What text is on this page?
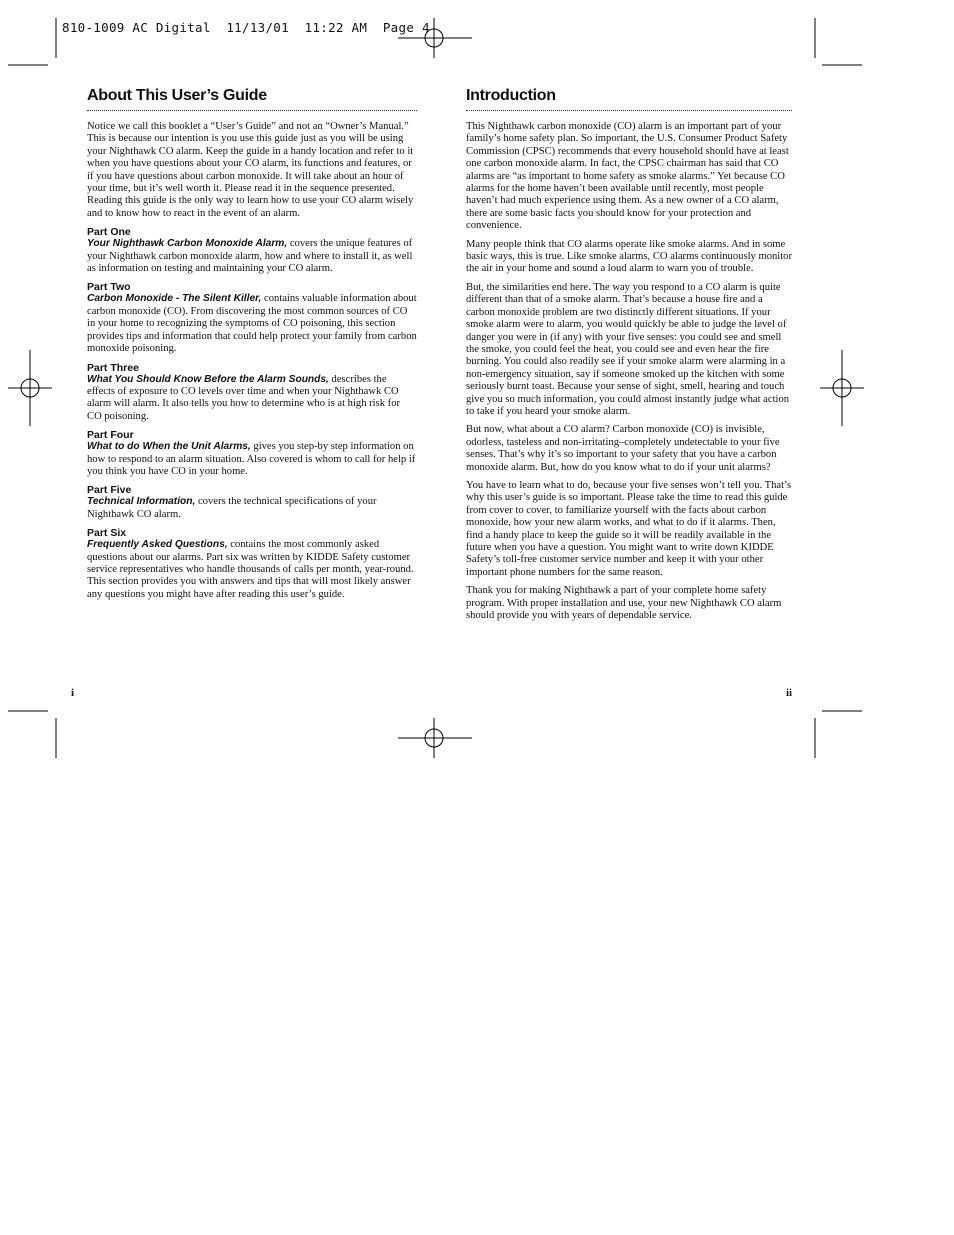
810-1009 AC Digital  11/13/01  11:22 AM  Page 4
About This User’s Guide

Notice we call this booklet a “User’s Guide” and not an “Owner’s Manual.” This is because our intention is you use this guide just as you will be using your Nighthawk CO alarm. Keep the guide in a handy location and refer to it when you have questions about your CO alarm, its functions and features, or if you have questions about carbon monoxide. It will take about an hour of your time, but it’s well worth it. Please read it in the sequence presented. Reading this guide is the only way to learn how to use your CO alarm wisely and to know how to react in the event of an alarm.

Part One

Your Nighthawk Carbon Monoxide Alarm, covers the unique features of your Nighthawk carbon monoxide alarm, how and where to install it, as well as information on testing and maintaining your CO alarm.

Part Two

Carbon Monoxide - The Silent Killer, contains valuable information about carbon monoxide (CO). From discovering the most common sources of CO in your home to recognizing the symptoms of CO poisoning, this section provides tips and information that could help protect your family from carbon monoxide poisoning.

Part Three

What You Should Know Before the Alarm Sounds, describes the effects of exposure to CO levels over time and when your Nighthawk CO alarm will alarm. It also tells you how to determine who is at high risk for CO poisoning.

Part Four

What to do When the Unit Alarms, gives you step-by step information on how to respond to an alarm situation. Also covered is whom to call for help if you think you have CO in your home.

Part Five

Technical Information, covers the technical specifications of your Nighthawk CO alarm.

Part Six

Frequently Asked Questions, contains the most commonly asked questions about our alarms. Part six was written by KIDDE Safety customer service representatives who handle thousands of calls per month, year-round. This section provides you with answers and tips that will most likely answer any questions you might have after reading this user’s guide.

Introduction

This Nighthawk carbon monoxide (CO) alarm is an important part of your family’s home safety plan. So important, the U.S. Consumer Product Safety Commission (CPSC) recommends that every household should have at least one carbon monoxide alarm. In fact, the CPSC chairman has said that CO alarms are “as important to home safety as smoke alarms.” Yet because CO alarms for the home haven’t been available until recently, most people haven’t had much experience using them. As a new owner of a CO alarm, there are some basic facts you should know for your protection and convenience.

Many people think that CO alarms operate like smoke alarms. And in some basic ways, this is true. Like smoke alarms, CO alarms continuously monitor the air in your home and sound a loud alarm to warn you of trouble.

But, the similarities end here. The way you respond to a CO alarm is quite different than that of a smoke alarm. That’s because a house fire and a carbon monoxide problem are two distinctly different situations. If your smoke alarm were to alarm, you would quickly be able to judge the level of danger you were in (if any) with your five senses: you could see and smell the smoke, you could feel the heat, you could see and even hear the fire burning. You could also readily see if your smoke alarm were alarming in a non-emergency situation, say if someone smoked up the kitchen with some seriously burnt toast. Because your sense of sight, smell, hearing and touch give you so much information, you could almost instantly judge what action to take if you heard your smoke alarm.

But now, what about a CO alarm? Carbon monoxide (CO) is invisible, odorless, tasteless and non-irritating–completely undetectable to your five senses. That’s why it’s so important to your safety that you have a carbon monoxide alarm. But, how do you know what to do if your unit alarms?

You have to learn what to do, because your five senses won’t tell you. That’s why this user’s guide is so important. Please take the time to read this guide from cover to cover, to familiarize yourself with the facts about carbon monoxide, how your new alarm works, and what to do if it alarms. Then, find a handy place to keep the guide so it will be readily available in the future when you have a question. You might want to write down KIDDE Safety’s toll-free customer service number and keep it with your other important phone numbers for the same reason.

Thank you for making Nighthawk a part of your complete home safety program. With proper installation and use, your new Nighthawk CO alarm should provide you with years of dependable service.

i	ii
